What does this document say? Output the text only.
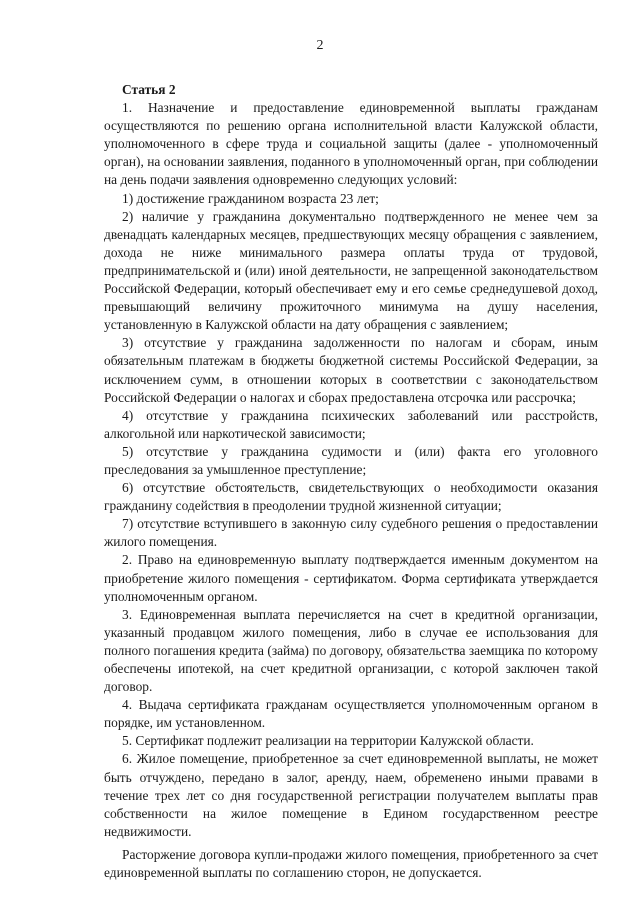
2

Статья 2

1. Назначение и предоставление единовременной выплаты гражданам осуществляются по решению органа исполнительной власти Калужской области, уполномоченного в сфере труда и социальной защиты (далее - уполномоченный орган), на основании заявления, поданного в уполномоченный орган, при соблюдении на день подачи заявления одновременно следующих условий:

1) достижение гражданином возраста 23 лет;

2) наличие у гражданина документально подтвержденного не менее чем за двенадцать календарных месяцев, предшествующих месяцу обращения с заявлением, дохода не ниже минимального размера оплаты труда от трудовой, предпринимательской и (или) иной деятельности, не запрещенной законодательством Российской Федерации, который обеспечивает ему и его семье среднедушевой доход, превышающий величину прожиточного минимума на душу населения, установленную в Калужской области на дату обращения с заявлением;

3) отсутствие у гражданина задолженности по налогам и сборам, иным обязательным платежам в бюджеты бюджетной системы Российской Федерации, за исключением сумм, в отношении которых в соответствии с законодательством Российской Федерации о налогах и сборах предоставлена отсрочка или рассрочка;

4) отсутствие у гражданина психических заболеваний или расстройств, алкогольной или наркотической зависимости;

5) отсутствие у гражданина судимости и (или) факта его уголовного преследования за умышленное преступление;

6) отсутствие обстоятельств, свидетельствующих о необходимости оказания гражданину содействия в преодолении трудной жизненной ситуации;

7) отсутствие вступившего в законную силу судебного решения о предоставлении жилого помещения.

2. Право на единовременную выплату подтверждается именным документом на приобретение жилого помещения - сертификатом. Форма сертификата утверждается уполномоченным органом.

3. Единовременная выплата перечисляется на счет в кредитной организации, указанный продавцом жилого помещения, либо в случае ее использования для полного погашения кредита (займа) по договору, обязательства заемщика по которому обеспечены ипотекой, на счет кредитной организации, с которой заключен такой договор.

4. Выдача сертификата гражданам осуществляется уполномоченным органом в порядке, им установленном.

5. Сертификат подлежит реализации на территории Калужской области.

6. Жилое помещение, приобретенное за счет единовременной выплаты, не может быть отчуждено, передано в залог, аренду, наем, обременено иными правами в течение трех лет со дня государственной регистрации получателем выплаты прав собственности на жилое помещение в Едином государственном реестре недвижимости.

Расторжение договора купли-продажи жилого помещения, приобретенного за счет единовременной выплаты по соглашению сторон, не допускается.
